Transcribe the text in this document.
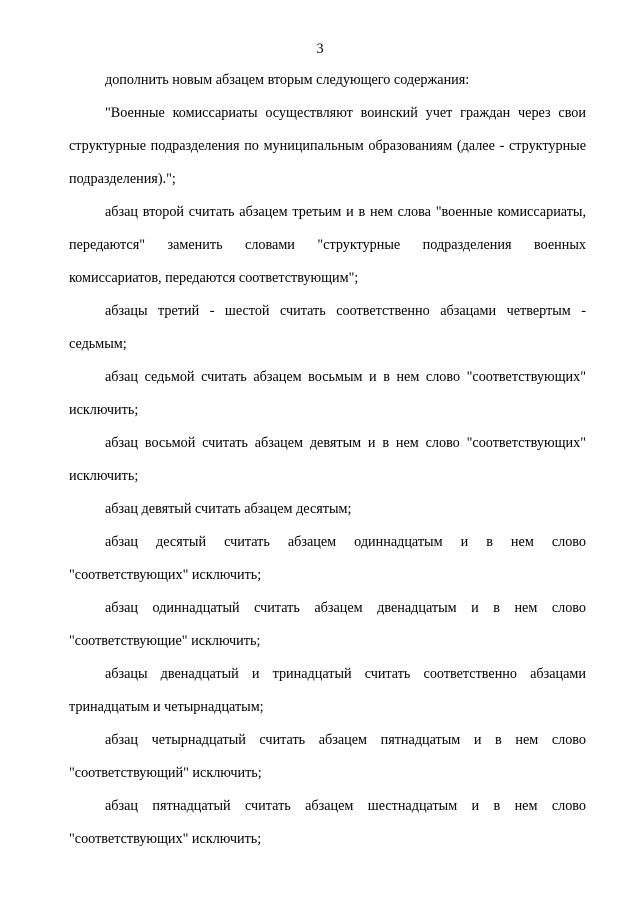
3

дополнить новым абзацем вторым следующего содержания:

"Военные комиссариаты осуществляют воинский учет граждан через свои структурные подразделения по муниципальным образованиям (далее - структурные подразделения).";

абзац второй считать абзацем третьим и в нем слова "военные комиссариаты, передаются" заменить словами "структурные подразделения военных комиссариатов, передаются соответствующим";

абзацы третий - шестой считать соответственно абзацами четвертым - седьмым;

абзац седьмой считать абзацем восьмым и в нем слово "соответствующих" исключить;

абзац восьмой считать абзацем девятым и в нем слово "соответствующих" исключить;

абзац девятый считать абзацем десятым;

абзац десятый считать абзацем одиннадцатым и в нем слово "соответствующих" исключить;

абзац одиннадцатый считать абзацем двенадцатым и в нем слово "соответствующие" исключить;

абзацы двенадцатый и тринадцатый считать соответственно абзацами тринадцатым и четырнадцатым;

абзац четырнадцатый считать абзацем пятнадцатым и в нем слово "соответствующий" исключить;

абзац пятнадцатый считать абзацем шестнадцатым и в нем слово "соответствующих" исключить;
